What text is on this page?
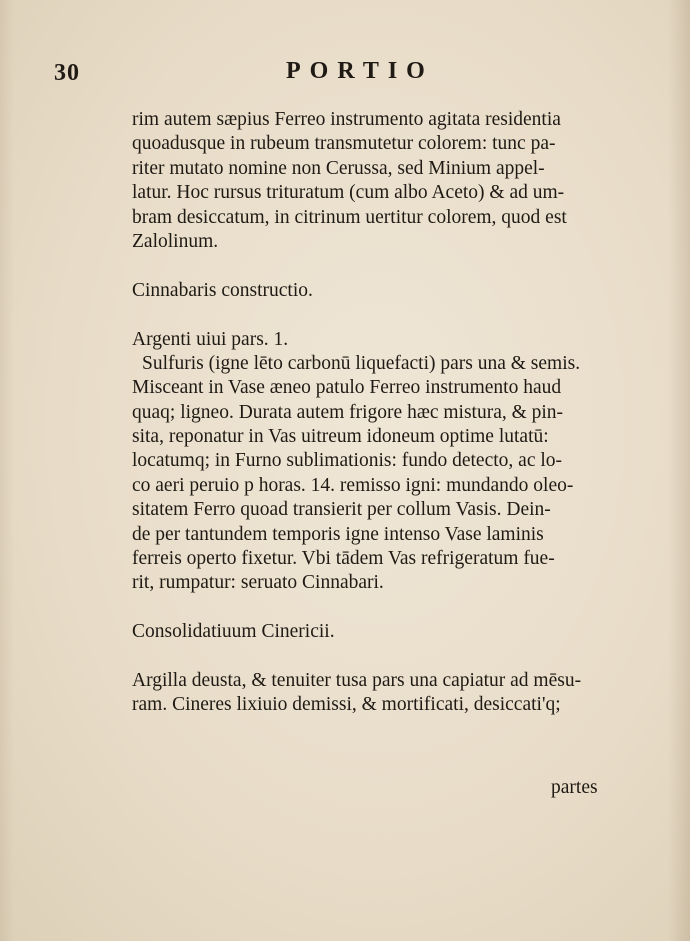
30	PORTIO
rim autem sæpius Ferreo instrumento agitata residentia
quoadusque in rubeum transmutetur colorem: tunc pa-
riter mutato nomine non Cerussa, sed Minium appel-
latur. Hoc rursus trituratum (cum albo Aceto) & ad um-
bram desiccatum, in citrinum uertitur colorem, quod est
Zalolinum.
Cinnabaris constructio.
Argenti uiui pars. 1.
Sulfuris (igne lēto carbonū liquefacti) pars una & semis.
Misceant in Vase æneo patulo Ferreo instrumento haud
quaq; ligneo. Durata autem frigore hæc mistura, & pin-
sita, reponatur in Vas uitreum idoneum optime lutatū:
locatumq; in Furno sublimationis: fundo detecto, ac lo-
co aeri peruio p horas. 14. remisso igni: mundando oleo-
sitatem Ferro quoad transierit per collum Vasis. Dein-
de per tantundem temporis igne intenso Vase laminis
ferreis operto fixetur. Vbi tādem Vas refrigeratum fue-
rit, rumpatur: seruato Cinnabari.
Consolidatiuum Cinericii.
Argilla deusta, & tenuiter tusa pars una capiatur ad mēsu-
ram. Cineres lixiuio demissi, & mortificati, desiccati'q;
partes
